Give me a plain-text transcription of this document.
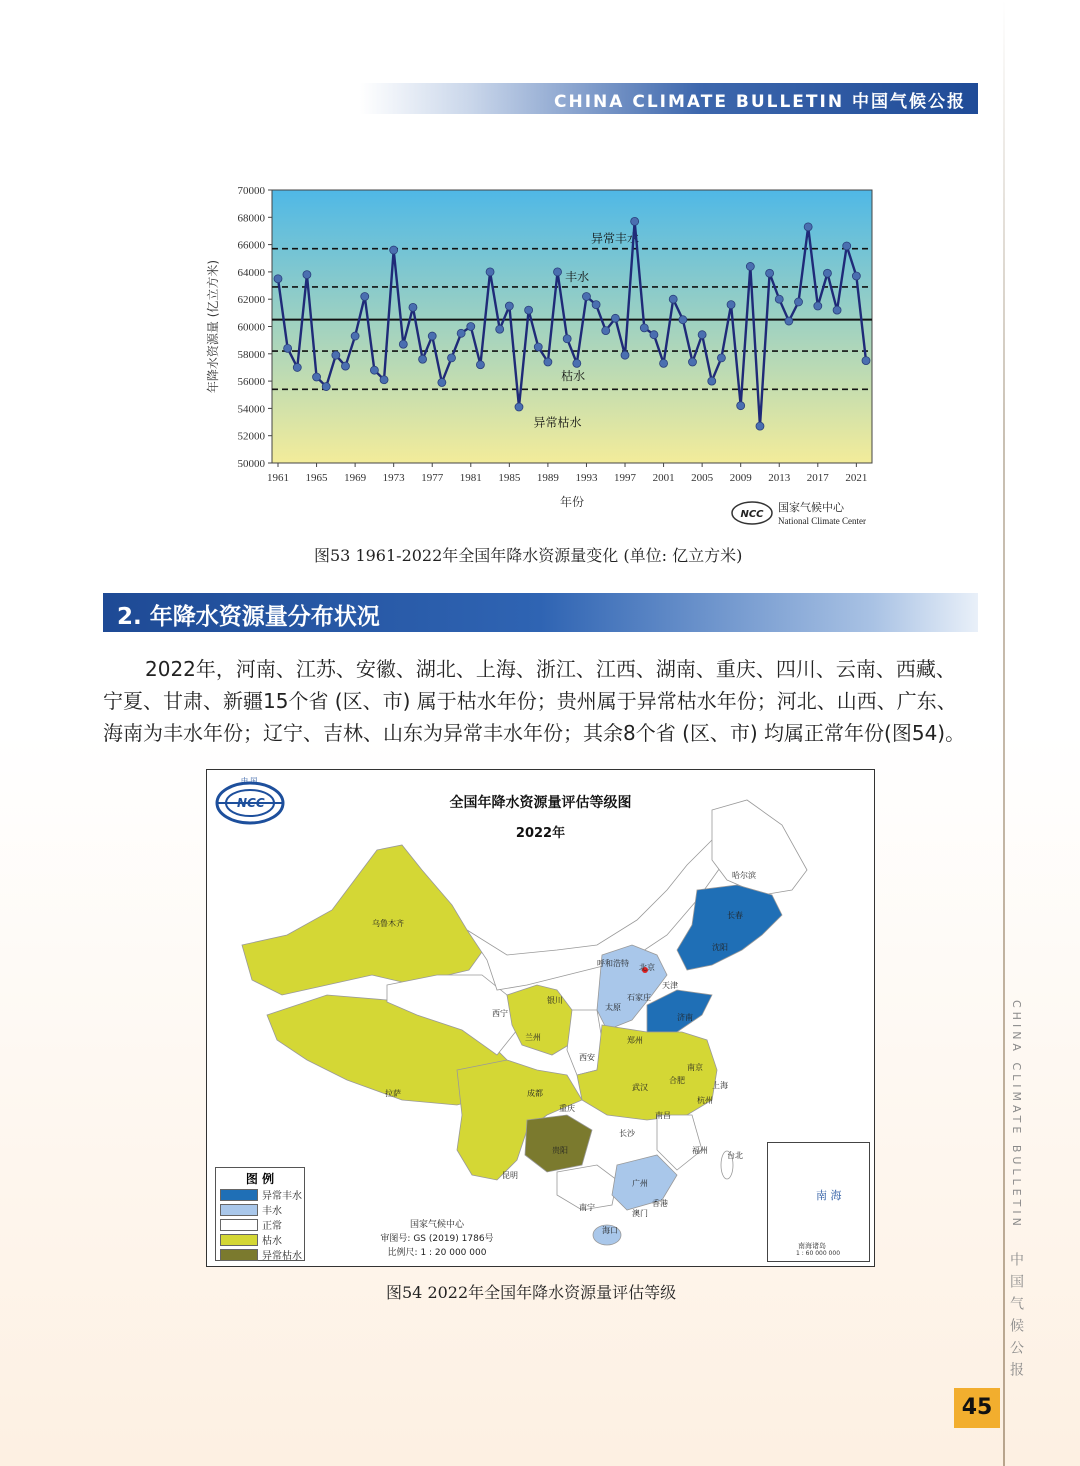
CHINA CLIMATE BULLETIN 中国气候公报
50000
52000
54000
56000
58000
60000
62000
64000
66000
68000
70000
1961 1965 1969 1973 1977 1981 1985 1989 1993 1997 2001 2005 2009 2013 2017 2021
年份
年降水资源量 (亿立方米)
异常丰水
丰水
枯水
异常枯水
NCC
国家气候中心
National Climate Center
图53 1961-2022年全国年降水资源量变化 (单位: 亿立方米)
2. 年降水资源量分布状况
2022年，河南、江苏、安徽、湖北、上海、浙江、江西、湖南、重庆、四川、云南、西藏、
宁夏、甘肃、新疆15个省 (区、市) 属于枯水年份；贵州属于异常枯水年份；河北、山西、广东、
海南为丰水年份；辽宁、吉林、山东为异常丰水年份；其余8个省 (区、市) 均属正常年份(图54)。
全国年降水资源量评估等级图
2022年
中 国
NCC
乌鲁木齐
拉萨
西宁
兰州
银川
呼和浩特 北京
天津
石家庄
太原
济南
郑州
西安
成都
重庆
贵阳
昆明
武汉
长沙
南昌
合肥
南京
上海
杭州
福州
台北
广州
南宁	香港
澳门
海口
沈阳
长春
哈尔滨
图 例
异常丰水
丰水
正常
枯水
异常枯水
国家气候中心
审图号: GS (2019) 1786号
比例尺: 1 : 20 000 000
南 海
南海诸岛
1 : 60 000 000
图54 2022年全国年降水资源量评估等级
CHINA CLIMATE BULLETIN
中国气候公报
45
